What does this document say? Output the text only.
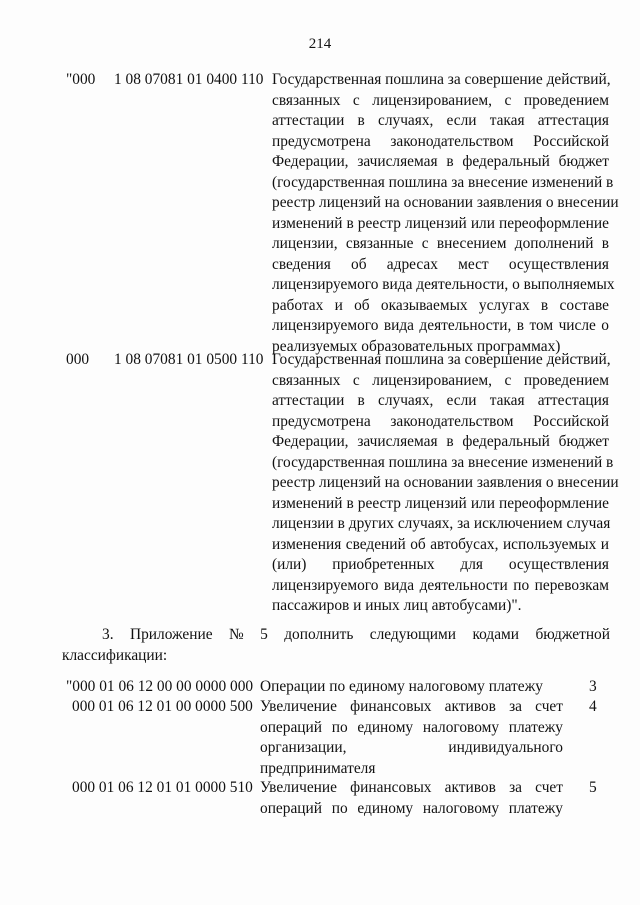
214
"000 1 08 07081 01 0400 110 Государственная пошлина за совершение действий,
связанных с лицензированием, с проведением
аттестации в случаях, если такая аттестация
предусмотрена законодательством Российской
Федерации, зачисляемая в федеральный бюджет
(государственная пошлина за внесение изменений в
реестр лицензий на основании заявления о внесении
изменений в реестр лицензий или переоформление
лицензии, связанные с внесением дополнений в
сведения об адресах мест осуществления
лицензируемого вида деятельности, о выполняемых
работах и об оказываемых услугах в составе
лицензируемого вида деятельности, в том числе о
реализуемых образовательных программах)
000 1 08 07081 01 0500 110 Государственная пошлина за совершение действий,
связанных с лицензированием, с проведением
аттестации в случаях, если такая аттестация
предусмотрена законодательством Российской
Федерации, зачисляемая в федеральный бюджет
(государственная пошлина за внесение изменений в
реестр лицензий на основании заявления о внесении
изменений в реестр лицензий или переоформление
лицензии в других случаях, за исключением случая
изменения сведений об автобусах, используемых и
(или) приобретенных для осуществления
лицензируемого вида деятельности по перевозкам
пассажиров и иных лиц автобусами)".
3. Приложение № 5 дополнить следующими кодами бюджетной
классификации:
"000 01 06 12 00 00 0000 000 Операции по единому налоговому платежу	3
000 01 06 12 01 00 0000 500 Увеличение финансовых активов за счет
операций по единому налоговому платежу
организации, индивидуального
предпринимателя
4
000 01 06 12 01 01 0000 510 Увеличение финансовых активов за счет
операций по единому налоговому платежу
5
